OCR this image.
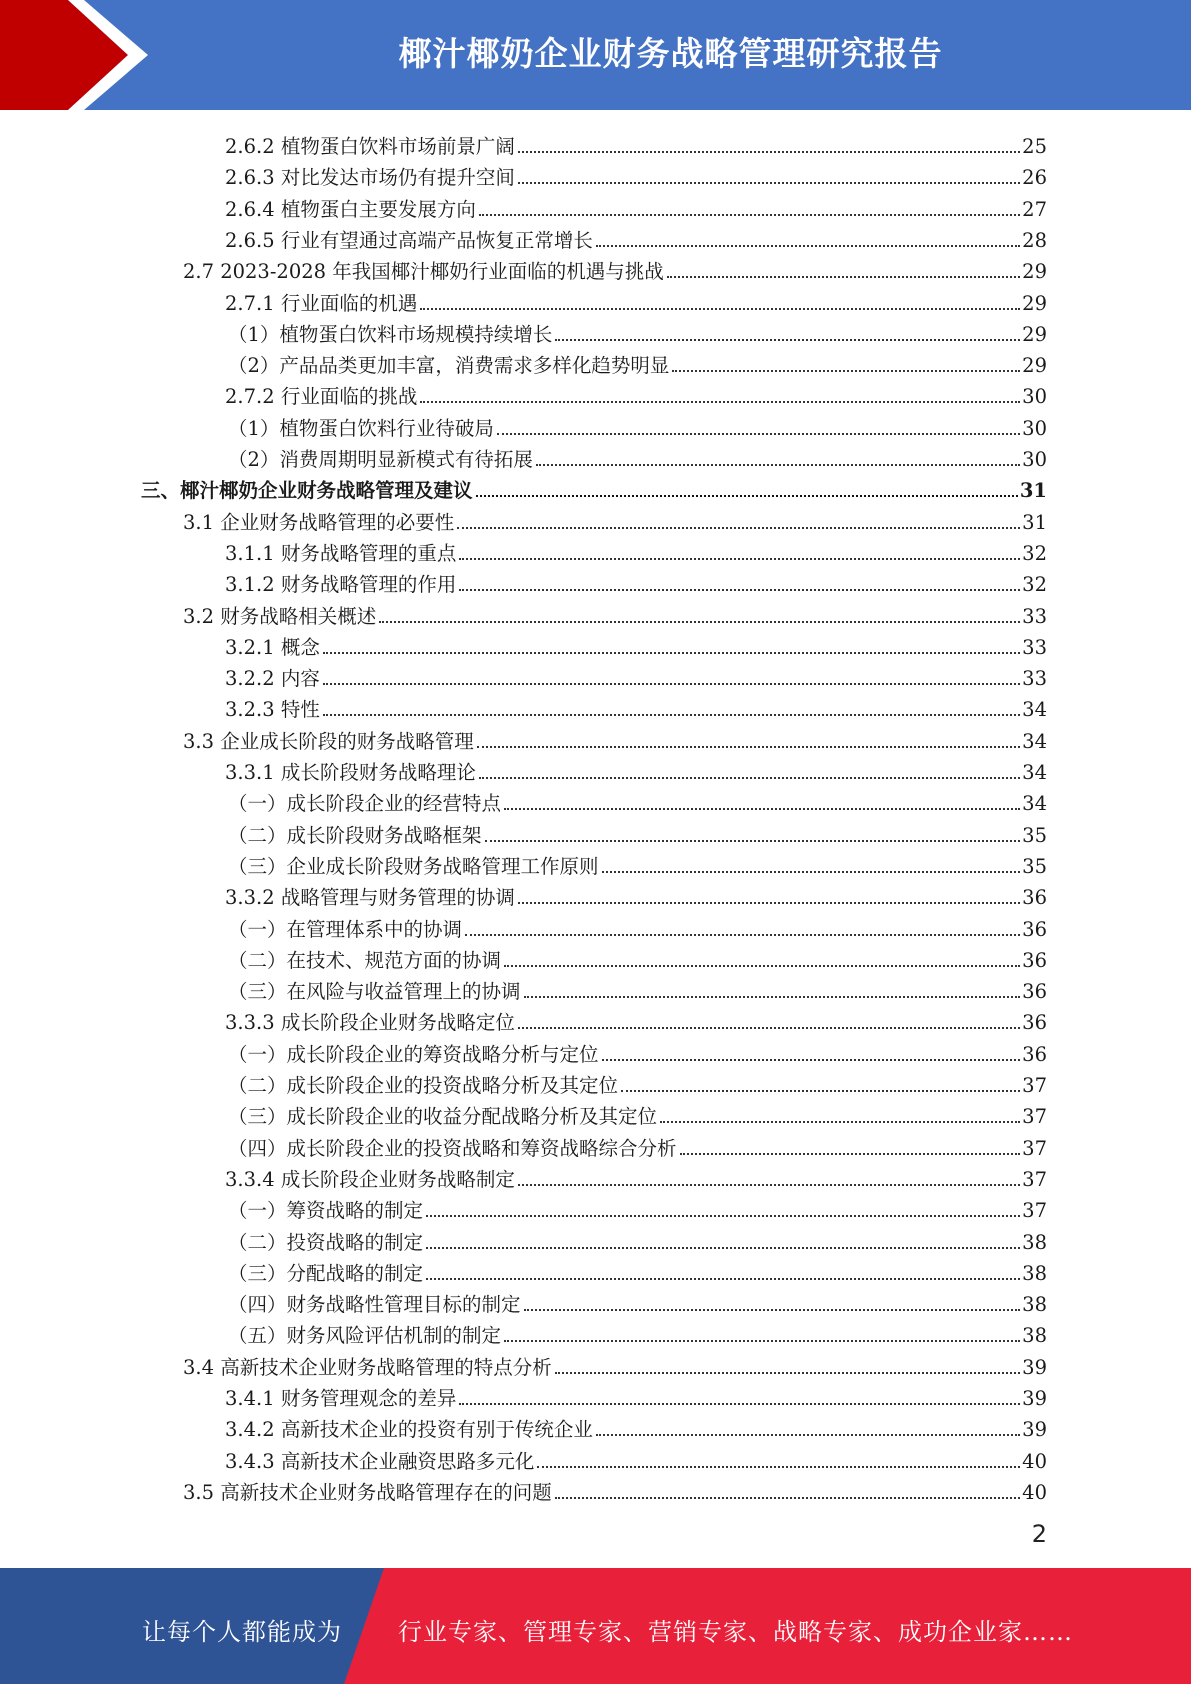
椰汁椰奶企业财务战略管理研究报告
2.6.2 植物蛋白饮料市场前景广阔	25
2.6.3 对比发达市场仍有提升空间	26
2.6.4 植物蛋白主要发展方向	27
2.6.5 行业有望通过高端产品恢复正常增长	28
2.7 2023-2028 年我国椰汁椰奶行业面临的机遇与挑战	29
2.7.1 行业面临的机遇	29
（1）植物蛋白饮料市场规模持续增长	29
（2）产品品类更加丰富，消费需求多样化趋势明显	29
2.7.2 行业面临的挑战	30
（1）植物蛋白饮料行业待破局	30
（2）消费周期明显新模式有待拓展	30
三、椰汁椰奶企业财务战略管理及建议	31
3.1 企业财务战略管理的必要性	31
3.1.1 财务战略管理的重点	32
3.1.2 财务战略管理的作用	32
3.2 财务战略相关概述	33
3.2.1 概念	33
3.2.2 内容	33
3.2.3 特性	34
3.3 企业成长阶段的财务战略管理	34
3.3.1 成长阶段财务战略理论	34
（一）成长阶段企业的经营特点	34
（二）成长阶段财务战略框架	35
（三）企业成长阶段财务战略管理工作原则	35
3.3.2 战略管理与财务管理的协调	36
（一）在管理体系中的协调	36
（二）在技术、规范方面的协调	36
（三）在风险与收益管理上的协调	36
3.3.3 成长阶段企业财务战略定位	36
（一）成长阶段企业的筹资战略分析与定位	36
（二）成长阶段企业的投资战略分析及其定位	37
（三）成长阶段企业的收益分配战略分析及其定位	37
（四）成长阶段企业的投资战略和筹资战略综合分析	37
3.3.4 成长阶段企业财务战略制定	37
（一）筹资战略的制定	37
（二）投资战略的制定	38
（三）分配战略的制定	38
（四）财务战略性管理目标的制定	38
（五）财务风险评估机制的制定	38
3.4 高新技术企业财务战略管理的特点分析	39
3.4.1 财务管理观念的差异	39
3.4.2 高新技术企业的投资有别于传统企业	39
3.4.3 高新技术企业融资思路多元化	40
3.5 高新技术企业财务战略管理存在的问题	40
2
让每个人都能成为 行业专家、管理专家、营销专家、战略专家、成功企业家……
